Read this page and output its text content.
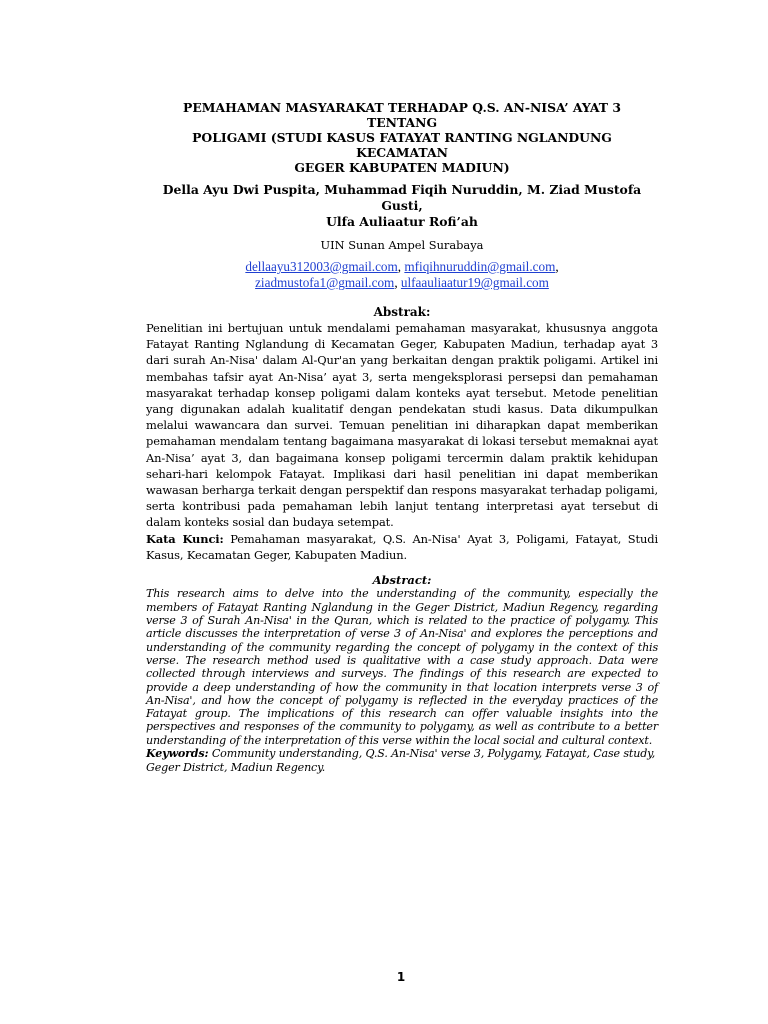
PEMAHAMAN MASYARAKAT TERHADAP Q.S. AN-NISA’ AYAT 3 TENTANG

POLIGAMI (STUDI KASUS FATAYAT RANTING NGLANDUNG KECAMATAN

GEGER KABUPATEN MADIUN)

Della Ayu Dwi Puspita, Muhammad Fiqih Nuruddin, M. Ziad Mustofa Gusti,

Ulfa Auliaatur Rofi’ah

UIN Sunan Ampel Surabaya

dellaayu312003@gmail.com, mfiqihnuruddin@gmail.com,
ziadmustofa1@gmail.com, ulfaauliaatur19@gmail.com
Abstrak:

Penelitian ini bertujuan untuk mendalami pemahaman masyarakat, khususnya anggota Fatayat Ranting Nglandung di Kecamatan Geger, Kabupaten Madiun, terhadap ayat 3 dari surah An-Nisa' dalam Al-Qur'an yang berkaitan dengan praktik poligami. Artikel ini membahas tafsir ayat An-Nisa’ ayat 3, serta mengeksplorasi persepsi dan pemahaman masyarakat terhadap konsep poligami dalam konteks ayat tersebut. Metode penelitian yang digunakan adalah kualitatif dengan pendekatan studi kasus. Data dikumpulkan melalui wawancara dan survei. Temuan penelitian ini diharapkan dapat memberikan pemahaman mendalam tentang bagaimana masyarakat di lokasi tersebut memaknai ayat An-Nisa’ ayat 3, dan bagaimana konsep poligami tercermin dalam praktik kehidupan sehari-hari kelompok Fatayat. Implikasi dari hasil penelitian ini dapat memberikan wawasan berharga terkait dengan perspektif dan respons masyarakat terhadap poligami, serta kontribusi pada pemahaman lebih lanjut tentang interpretasi ayat tersebut di dalam konteks sosial dan budaya setempat.

Kata Kunci: Pemahaman masyarakat, Q.S. An-Nisa' Ayat 3, Poligami, Fatayat, Studi Kasus, Kecamatan Geger, Kabupaten Madiun.

Abstract:

This research aims to delve into the understanding of the community, especially the members of Fatayat Ranting Nglandung in the Geger District, Madiun Regency, regarding verse 3 of Surah An-Nisa' in the Quran, which is related to the practice of polygamy. This article discusses the interpretation of verse 3 of An-Nisa' and explores the perceptions and understanding of the community regarding the concept of polygamy in the context of this verse. The research method used is qualitative with a case study approach. Data were collected through interviews and surveys. The findings of this research are expected to provide a deep understanding of how the community in that location interprets verse 3 of An-Nisa', and how the concept of polygamy is reflected in the everyday practices of the Fatayat group. The implications of this research can offer valuable insights into the perspectives and responses of the community to polygamy, as well as contribute to a better understanding of the interpretation of this verse within the local social and cultural context.

Keywords: Community understanding, Q.S. An-Nisa' verse 3, Polygamy, Fatayat, Case study, Geger District, Madiun Regency.

1
